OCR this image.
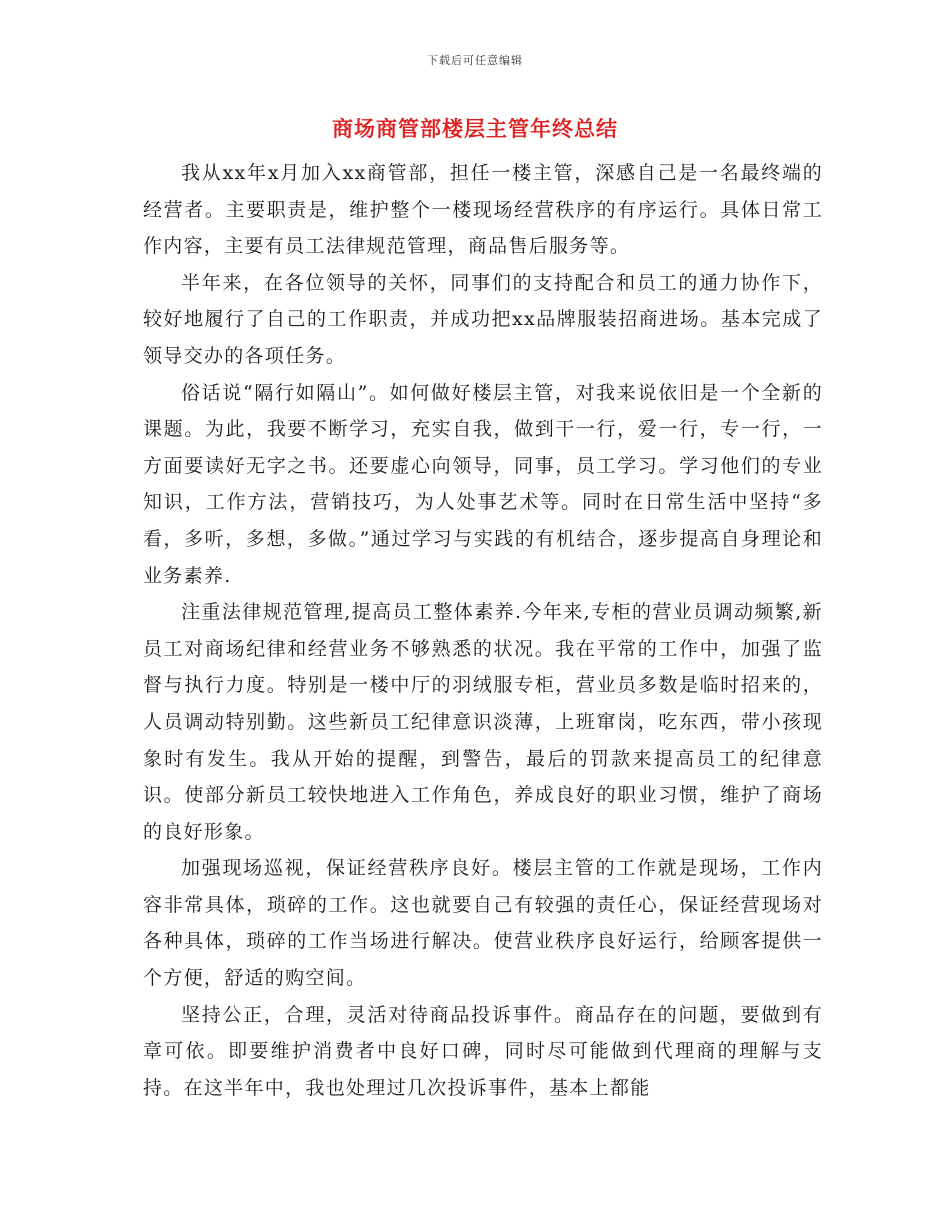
下载后可任意编辑
商场商管部楼层主管年终总结

我从xx年x月加入xx商管部，担任一楼主管，深感自己是一名最终端的经营者。主要职责是，维护整个一楼现场经营秩序的有序运行。具体日常工作内容，主要有员工法律规范管理，商品售后服务等。

半年来，在各位领导的关怀，同事们的支持配合和员工的通力协作下，较好地履行了自己的工作职责，并成功把xx品牌服装招商进场。基本完成了领导交办的各项任务。

俗话说“隔行如隔山”。如何做好楼层主管，对我来说依旧是一个全新的课题。为此，我要不断学习，充实自我，做到干一行，爱一行，专一行，一方面要读好无字之书。还要虚心向领导，同事，员工学习。学习他们的专业知识，工作方法，营销技巧，为人处事艺术等。同时在日常生活中坚持“多看，多听，多想，多做。”通过学习与实践的有机结合，逐步提高自身理论和业务素养.

注重法律规范管理,提高员工整体素养.今年来,专柜的营业员调动频繁,新员工对商场纪律和经营业务不够熟悉的状况。我在平常的工作中，加强了监督与执行力度。特别是一楼中厅的羽绒服专柜，营业员多数是临时招来的，人员调动特别勤。这些新员工纪律意识淡薄，上班窜岗，吃东西，带小孩现象时有发生。我从开始的提醒，到警告，最后的罚款来提高员工的纪律意识。使部分新员工较快地进入工作角色，养成良好的职业习惯，维护了商场的良好形象。

加强现场巡视，保证经营秩序良好。楼层主管的工作就是现场，工作内容非常具体，琐碎的工作。这也就要自己有较强的责任心，保证经营现场对各种具体，琐碎的工作当场进行解决。使营业秩序良好运行，给顾客提供一个方便，舒适的购空间。

坚持公正，合理，灵活对待商品投诉事件。商品存在的问题，要做到有章可依。即要维护消费者中良好口碑，同时尽可能做到代理商的理解与支持。在这半年中，我也处理过几次投诉事件，基本上都能
